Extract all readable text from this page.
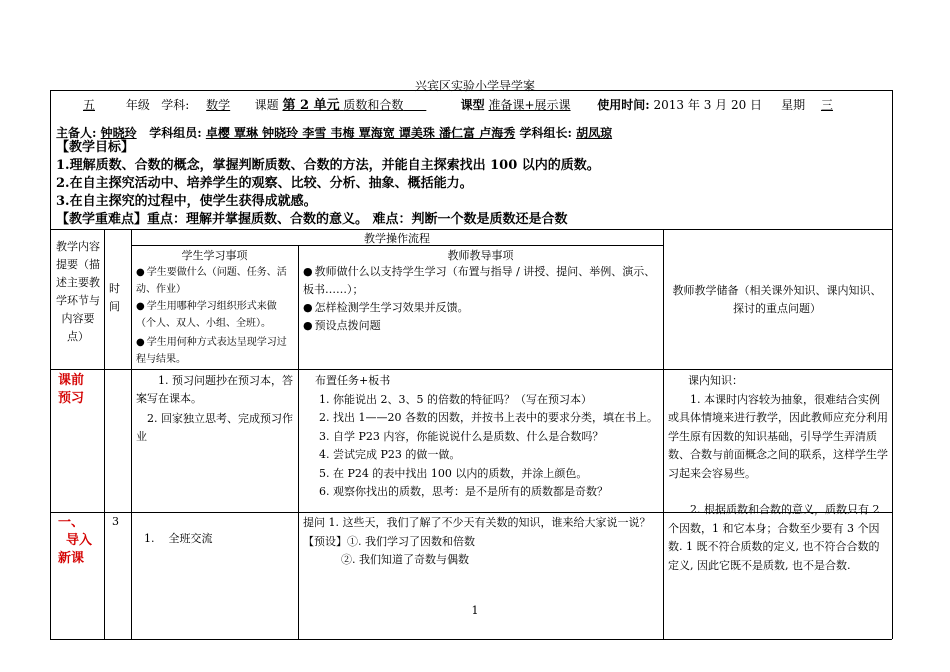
兴宾区实验小学导学案
五	年级 学科: 数学 课题 第 2 单元 质数和合数	课型 准备课+展示课 使用时间: 2013 年 3 月 20 日 星期 三
主备人: 钟晓玲 学科组员: 卓樱 覃琳 钟晓玲 李雪 韦梅 覃海宽 谭美珠 潘仁富 卢海秀 学科组长: 胡凤琼

【教学目标】

1.理解质数、合数的概念，掌握判断质数、合数的方法，并能自主探索找出 100 以内的质数。

2.在自主探究活动中、培养学生的观察、比较、分析、抽象、概括能力。

3.在自主探究的过程中，使学生获得成就感。

【教学重难点】重点：理解并掌握质数、合数的意义。 难点：判断一个数是质数还是合数

教学内容提要（描述主要教学环节与内容要点）
时间
教学操作流程
学生学习事项

● 学生要做什么（问题、任务、活动、作业）

● 学生用哪种学习组织形式来做（个人、双人、小组、全班）。

● 学生用何种方式表达呈现学习过程与结果。

教师教导事项

● 教师做什么以支持学生学习（布置与指导 / 讲授、提问、举例、演示、板书……）；

● 怎样检测学生学习效果并反馈。

● 预设点拨问题

教师教学储备（相关课外知识、课内知识、探讨的重点问题）

课前

预习

1. 预习问题抄在预习本，答案写在课本。

2. 回家独立思考、完成预习作业

布置任务+板书

1. 你能说出 2、3、5 的倍数的特征吗？（写在预习本）

2. 找出 1——20 各数的因数，并按书上表中的要求分类，填在书上。

3. 自学 P23 内容，你能说说什么是质数、什么是合数吗？

4. 尝试完成 P23 的做一做。

5. 在 P24 的表中找出 100 以内的质数，并涂上颜色。

6. 观察你找出的质数，思考：是不是所有的质数都是奇数？

课内知识：

1. 本课时内容较为抽象，很难结合实例或具体情境来进行教学，因此教师应充分利用学生原有因数的知识基础，引导学生弄清质数、合数与前面概念之间的联系，这样学生学习起来会容易些。

2. 根据质数和合数的意义，质数只有 2 个因数，1 和它本身；合数至少要有 3 个因数. 1 既不符合质数的定义, 也不符合合数的定义, 因此它既不是质数, 也不是合数.

一、

导入

新课

3
1.    全班交流

提问 1. 这些天，我们了解了不少天有关数的知识，谁来给大家说一说？

【预设】①. 我们学习了因数和倍数

②. 我们知道了奇数与偶数

1
